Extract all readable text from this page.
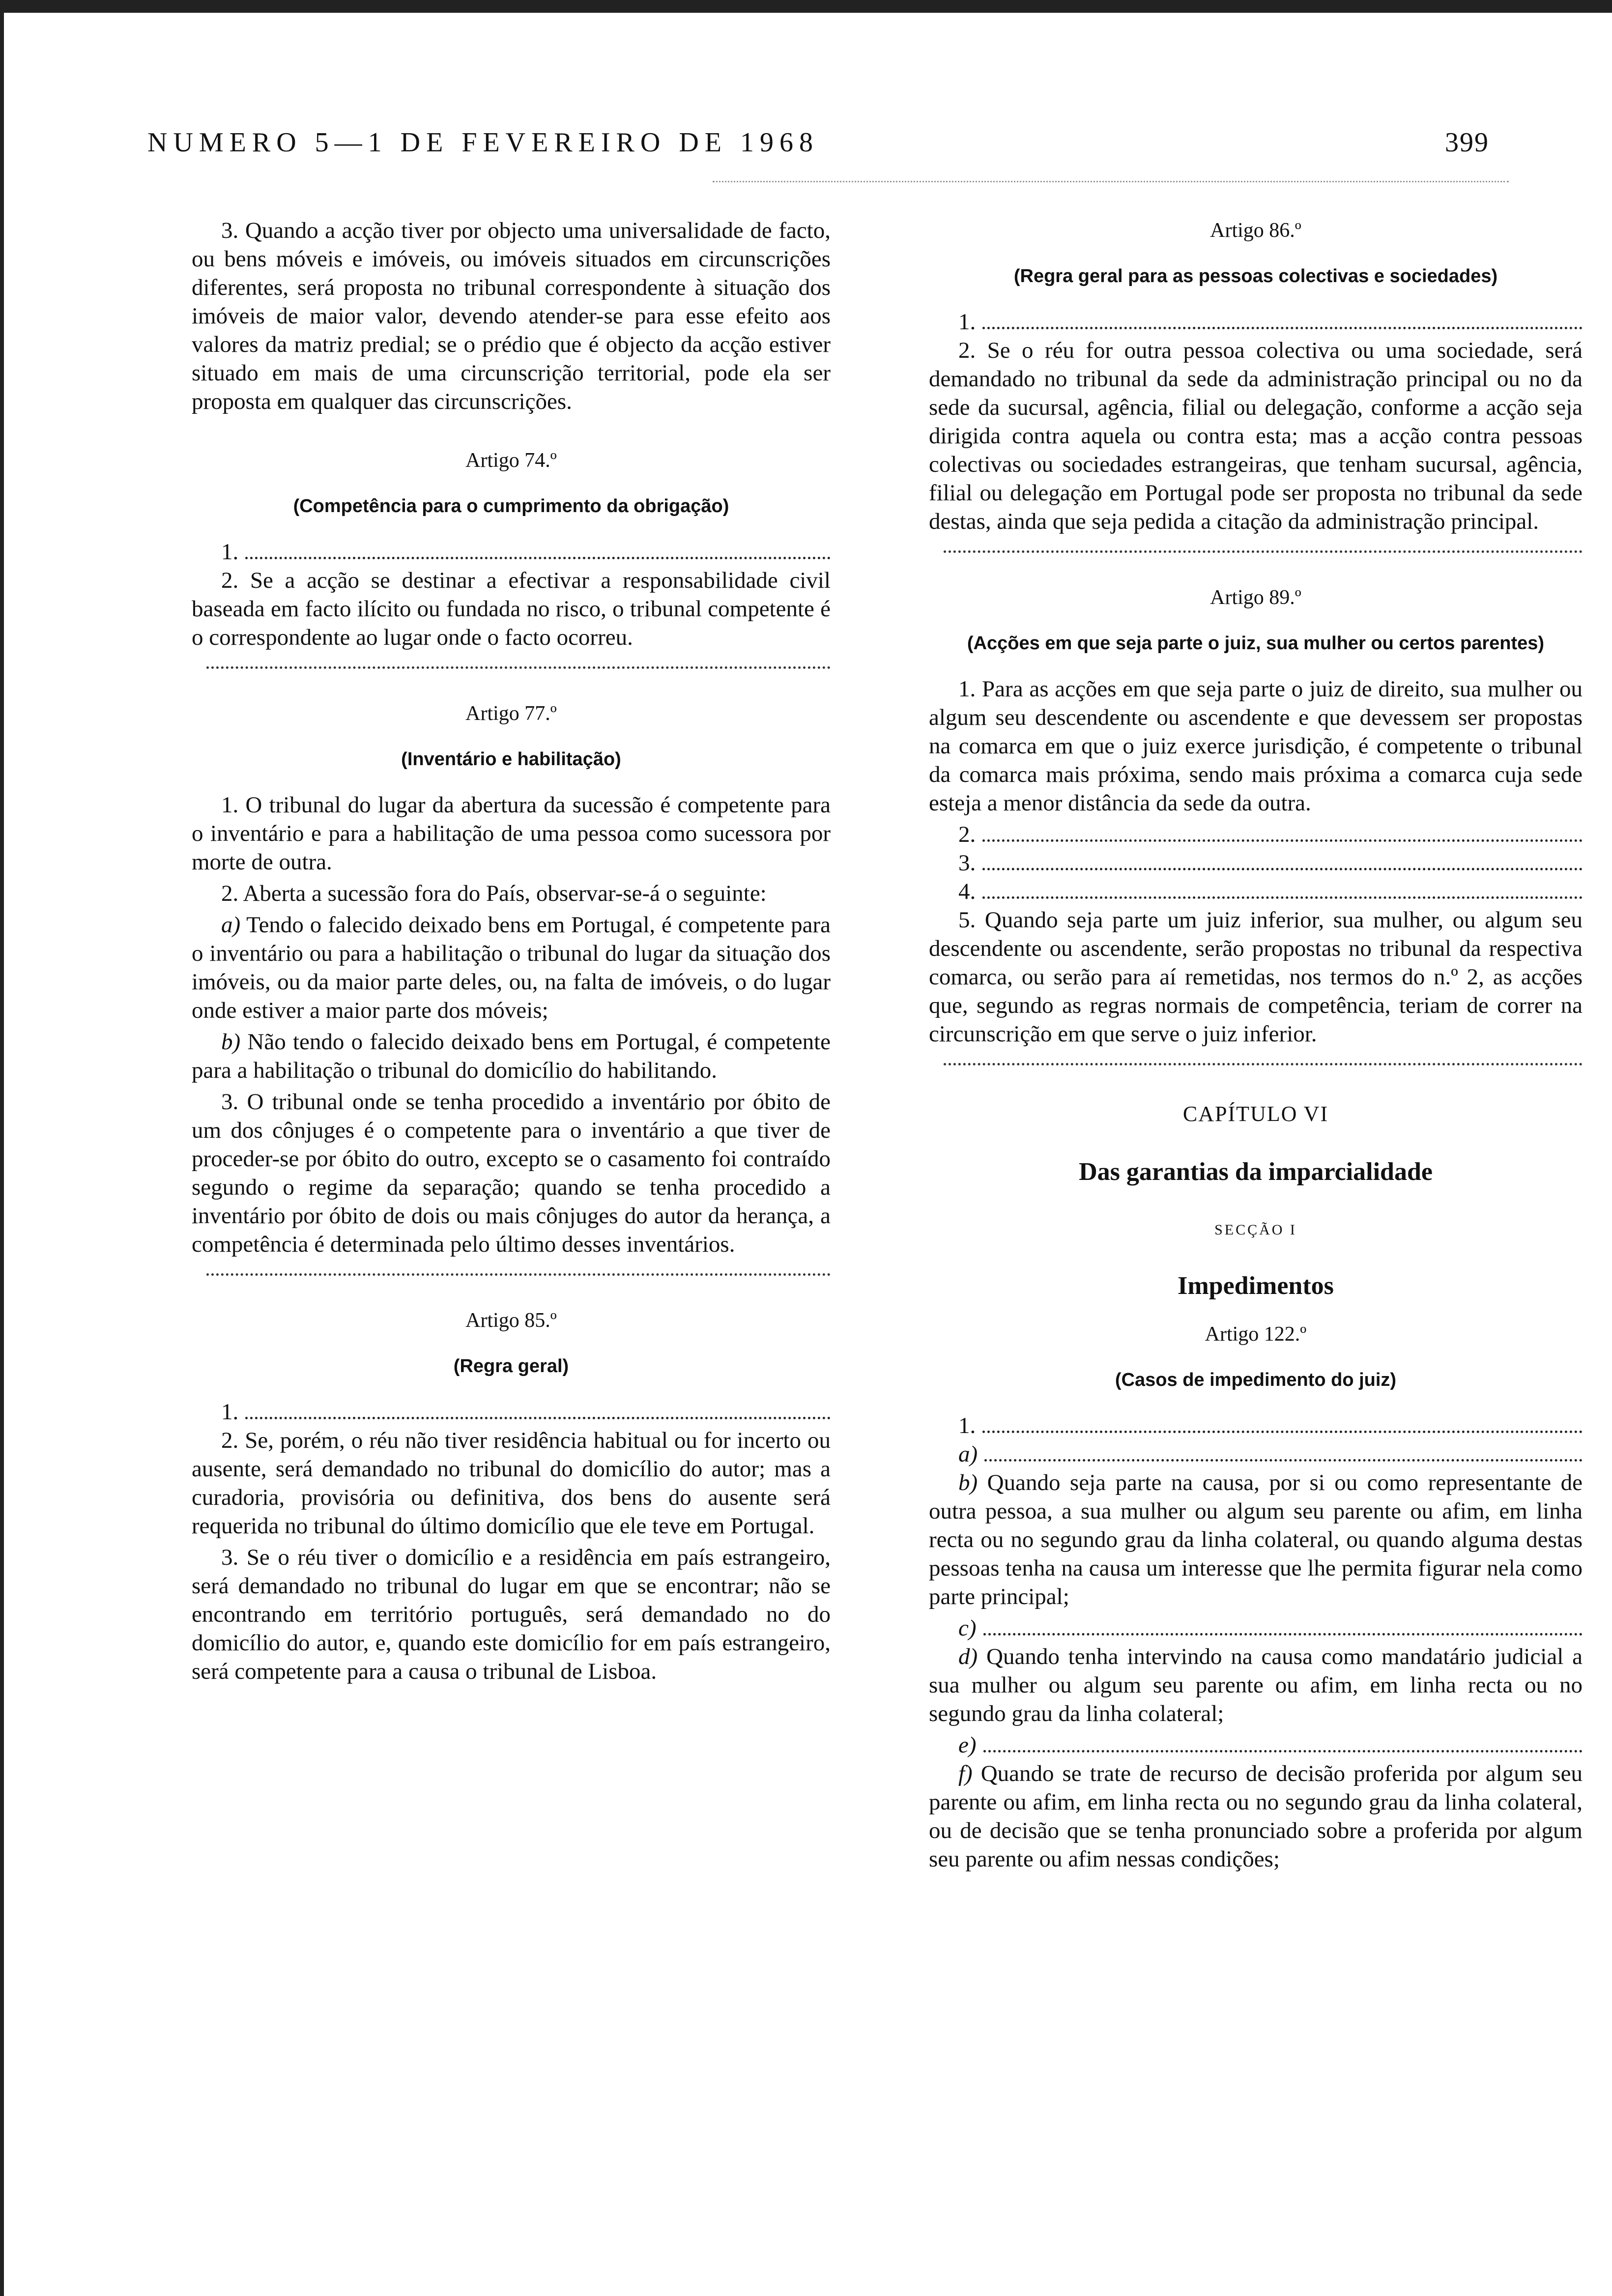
NUMERO 5—1 DE FEVEREIRO DE 1968	399

3. Quando a acção tiver por objecto uma universalidade de facto, ou bens móveis e imóveis, ou imóveis situados em circunscrições diferentes, será proposta no tribunal correspondente à situação dos imóveis de maior valor, devendo atender-se para esse efeito aos valores da matriz predial; se o prédio que é objecto da acção estiver situado em mais de uma circunscrição territorial, pode ela ser proposta em qualquer das circunscrições.

Artigo 74.º
(Competência para o cumprimento da obrigação)
1.

2. Se a acção se destinar a efectivar a responsabilidade civil baseada em facto ilícito ou fundada no risco, o tribunal competente é o correspondente ao lugar onde o facto ocorreu.

Artigo 77.º
(Inventário e habilitação)

1. O tribunal do lugar da abertura da sucessão é competente para o inventário e para a habilitação de uma pessoa como sucessora por morte de outra.

2. Aberta a sucessão fora do País, observar-se-á o seguinte:

a) Tendo o falecido deixado bens em Portugal, é competente para o inventário ou para a habilitação o tribunal do lugar da situação dos imóveis, ou da maior parte deles, ou, na falta de imóveis, o do lugar onde estiver a maior parte dos móveis;

b) Não tendo o falecido deixado bens em Portugal, é competente para a habilitação o tribunal do domicílio do habilitando.

3. O tribunal onde se tenha procedido a inventário por óbito de um dos cônjuges é o competente para o inventário a que tiver de proceder-se por óbito do outro, excepto se o casamento foi contraído segundo o regime da separação; quando se tenha procedido a inventário por óbito de dois ou mais cônjuges do autor da herança, a competência é determinada pelo último desses inventários.

Artigo 85.º
(Regra geral)
1.

2. Se, porém, o réu não tiver residência habitual ou for incerto ou ausente, será demandado no tribunal do domicílio do autor; mas a curadoria, provisória ou definitiva, dos bens do ausente será requerida no tribunal do último domicílio que ele teve em Portugal.

3. Se o réu tiver o domicílio e a residência em país estrangeiro, será demandado no tribunal do lugar em que se encontrar; não se encontrando em território português, será demandado no do domicílio do autor, e, quando este domicílio for em país estrangeiro, será competente para a causa o tribunal de Lisboa.

Artigo 86.º
(Regra geral para as pessoas colectivas e sociedades)
1.

2. Se o réu for outra pessoa colectiva ou uma sociedade, será demandado no tribunal da sede da administração principal ou no da sede da sucursal, agência, filial ou delegação, conforme a acção seja dirigida contra aquela ou contra esta; mas a acção contra pessoas colectivas ou sociedades estrangeiras, que tenham sucursal, agência, filial ou delegação em Portugal pode ser proposta no tribunal da sede destas, ainda que seja pedida a citação da administração principal.

Artigo 89.º
(Acções em que seja parte o juiz, sua mulher ou certos parentes)

1. Para as acções em que seja parte o juiz de direito, sua mulher ou algum seu descendente ou ascendente e que devessem ser propostas na comarca em que o juiz exerce jurisdição, é competente o tribunal da comarca mais próxima, sendo mais próxima a comarca cuja sede esteja a menor distância da sede da outra.

2.
3.
4.

5. Quando seja parte um juiz inferior, sua mulher, ou algum seu descendente ou ascendente, serão propostas no tribunal da respectiva comarca, ou serão para aí remetidas, nos termos do n.º 2, as acções que, segundo as regras normais de competência, teriam de correr na circunscrição em que serve o juiz inferior.

CAPÍTULO VI
Das garantias da imparcialidade
SECÇÃO I
Impedimentos
Artigo 122.º
(Casos de impedimento do juiz)
1.
a)

b) Quando seja parte na causa, por si ou como representante de outra pessoa, a sua mulher ou algum seu parente ou afim, em linha recta ou no segundo grau da linha colateral, ou quando alguma destas pessoas tenha na causa um interesse que lhe permita figurar nela como parte principal;

c)

d) Quando tenha intervindo na causa como mandatário judicial a sua mulher ou algum seu parente ou afim, em linha recta ou no segundo grau da linha colateral;

e)

f) Quando se trate de recurso de decisão proferida por algum seu parente ou afim, em linha recta ou no segundo grau da linha colateral, ou de decisão que se tenha pronunciado sobre a proferida por algum seu parente ou afim nessas condições;
